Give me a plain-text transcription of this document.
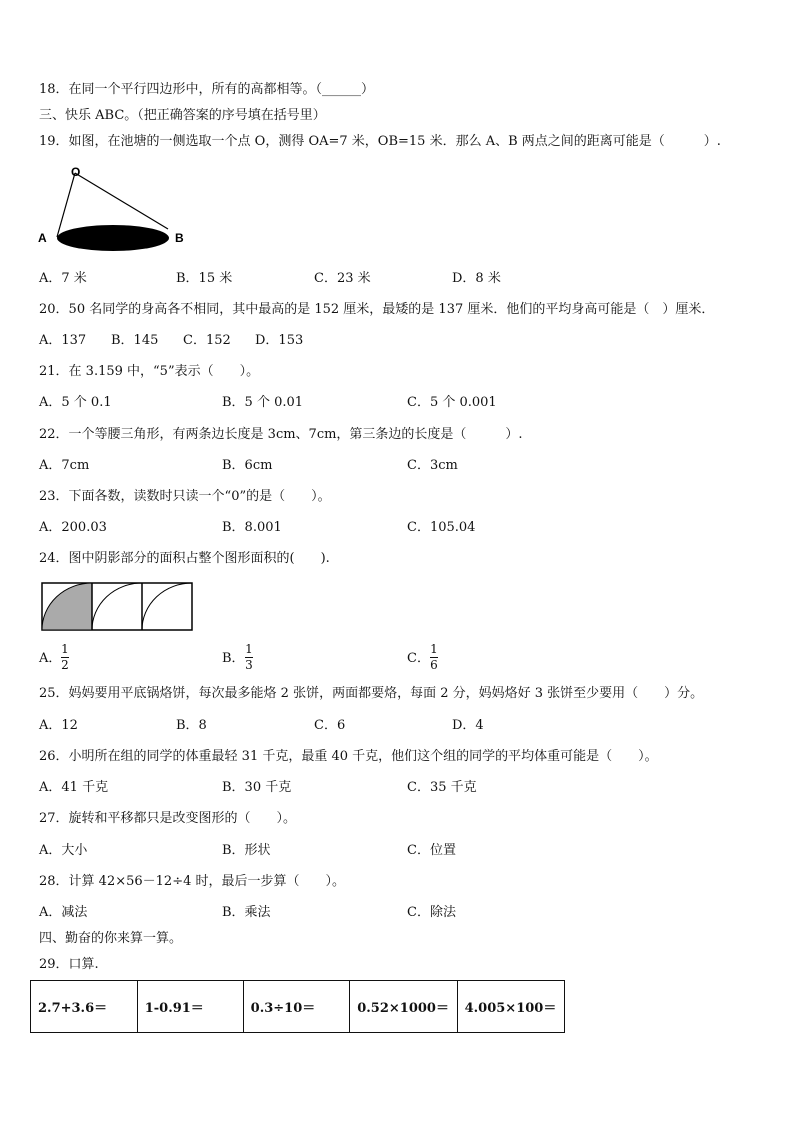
18．在同一个平行四边形中，所有的高都相等。（______）
三、快乐 ABC。（把正确答案的序号填在括号里）
19．如图，在池塘的一侧选取一个点 O，测得 OA=7 米，OB=15 米．那么 A、B 两点之间的距离可能是（　　　）.
O
A	B
A．7 米	B．15 米	C．23 米	D．8 米
20．50 名同学的身高各不相同，其中最高的是 152 厘米，最矮的是 137 厘米．他们的平均身高可能是（　）厘米．
A．137 B．145 C．152 D．153
21．在 3.159 中，“5”表示（　　）。
A．5 个 0.1	B．5 个 0.01	C．5 个 0.001
22．一个等腰三角形，有两条边长度是 3cm、7cm，第三条边的长度是（　　　）.
A．7cm	B．6cm	C．3cm
23．下面各数，读数时只读一个“0”的是（　　）。
A．200.03	B．8.001	C．105.04
24．图中阴影部分的面积占整个图形面积的(　　).
A．
1
2	B．
1
3	C．
1
6
25．妈妈要用平底锅烙饼，每次最多能烙 2 张饼，两面都要烙，每面 2 分，妈妈烙好 3 张饼至少要用（　　）分。
A．12	B．8	C．6	D．4
26．小明所在组的同学的体重最轻 31 千克，最重 40 千克，他们这个组的同学的平均体重可能是（　　）。
A．41 千克	B．30 千克	C．35 千克
27．旋转和平移都只是改变图形的（　　）。
A．大小	B．形状	C．位置
28．计算 42×56－12÷4 时，最后一步算（　　）。
A．减法	B．乘法	C．除法
四、勤奋的你来算一算。
29．口算.
2.7+3.6＝	1-0.91＝	0.3÷10＝	0.52×1000＝	4.005×100＝
